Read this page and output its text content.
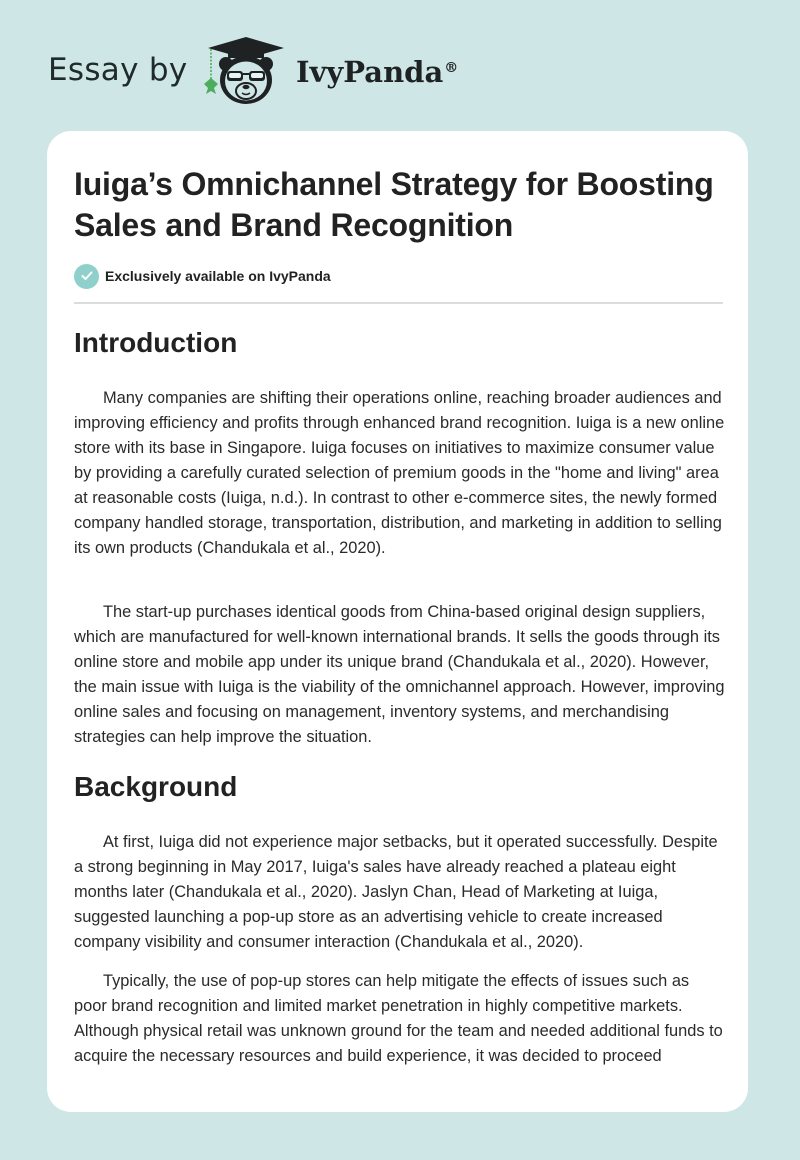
Essay by	IvyPanda®
Iuiga’s Omnichannel Strategy for Boosting Sales and Brand Recognition
Exclusively available on IvyPanda
Introduction

Many companies are shifting their operations online, reaching broader audiences and improving efficiency and profits through enhanced brand recognition. Iuiga is a new online store with its base in Singapore. Iuiga focuses on initiatives to maximize consumer value by providing a carefully curated selection of premium goods in the "home and living" area at reasonable costs (Iuiga, n.d.). In contrast to other e-commerce sites, the newly formed company handled storage, transportation, distribution, and marketing in addition to selling its own products (Chandukala et al., 2020).

The start-up purchases identical goods from China-based original design suppliers, which are manufactured for well-known international brands. It sells the goods through its online store and mobile app under its unique brand (Chandukala et al., 2020). However, the main issue with Iuiga is the viability of the omnichannel approach. However, improving online sales and focusing on management, inventory systems, and merchandising strategies can help improve the situation.

Background

At first, Iuiga did not experience major setbacks, but it operated successfully. Despite a strong beginning in May 2017, Iuiga's sales have already reached a plateau eight months later (Chandukala et al., 2020). Jaslyn Chan, Head of Marketing at Iuiga, suggested launching a pop-up store as an advertising vehicle to create increased company visibility and consumer interaction (Chandukala et al., 2020).

Typically, the use of pop-up stores can help mitigate the effects of issues such as poor brand recognition and limited market penetration in highly competitive markets. Although physical retail was unknown ground for the team and needed additional funds to acquire the necessary resources and build experience, it was decided to proceed
